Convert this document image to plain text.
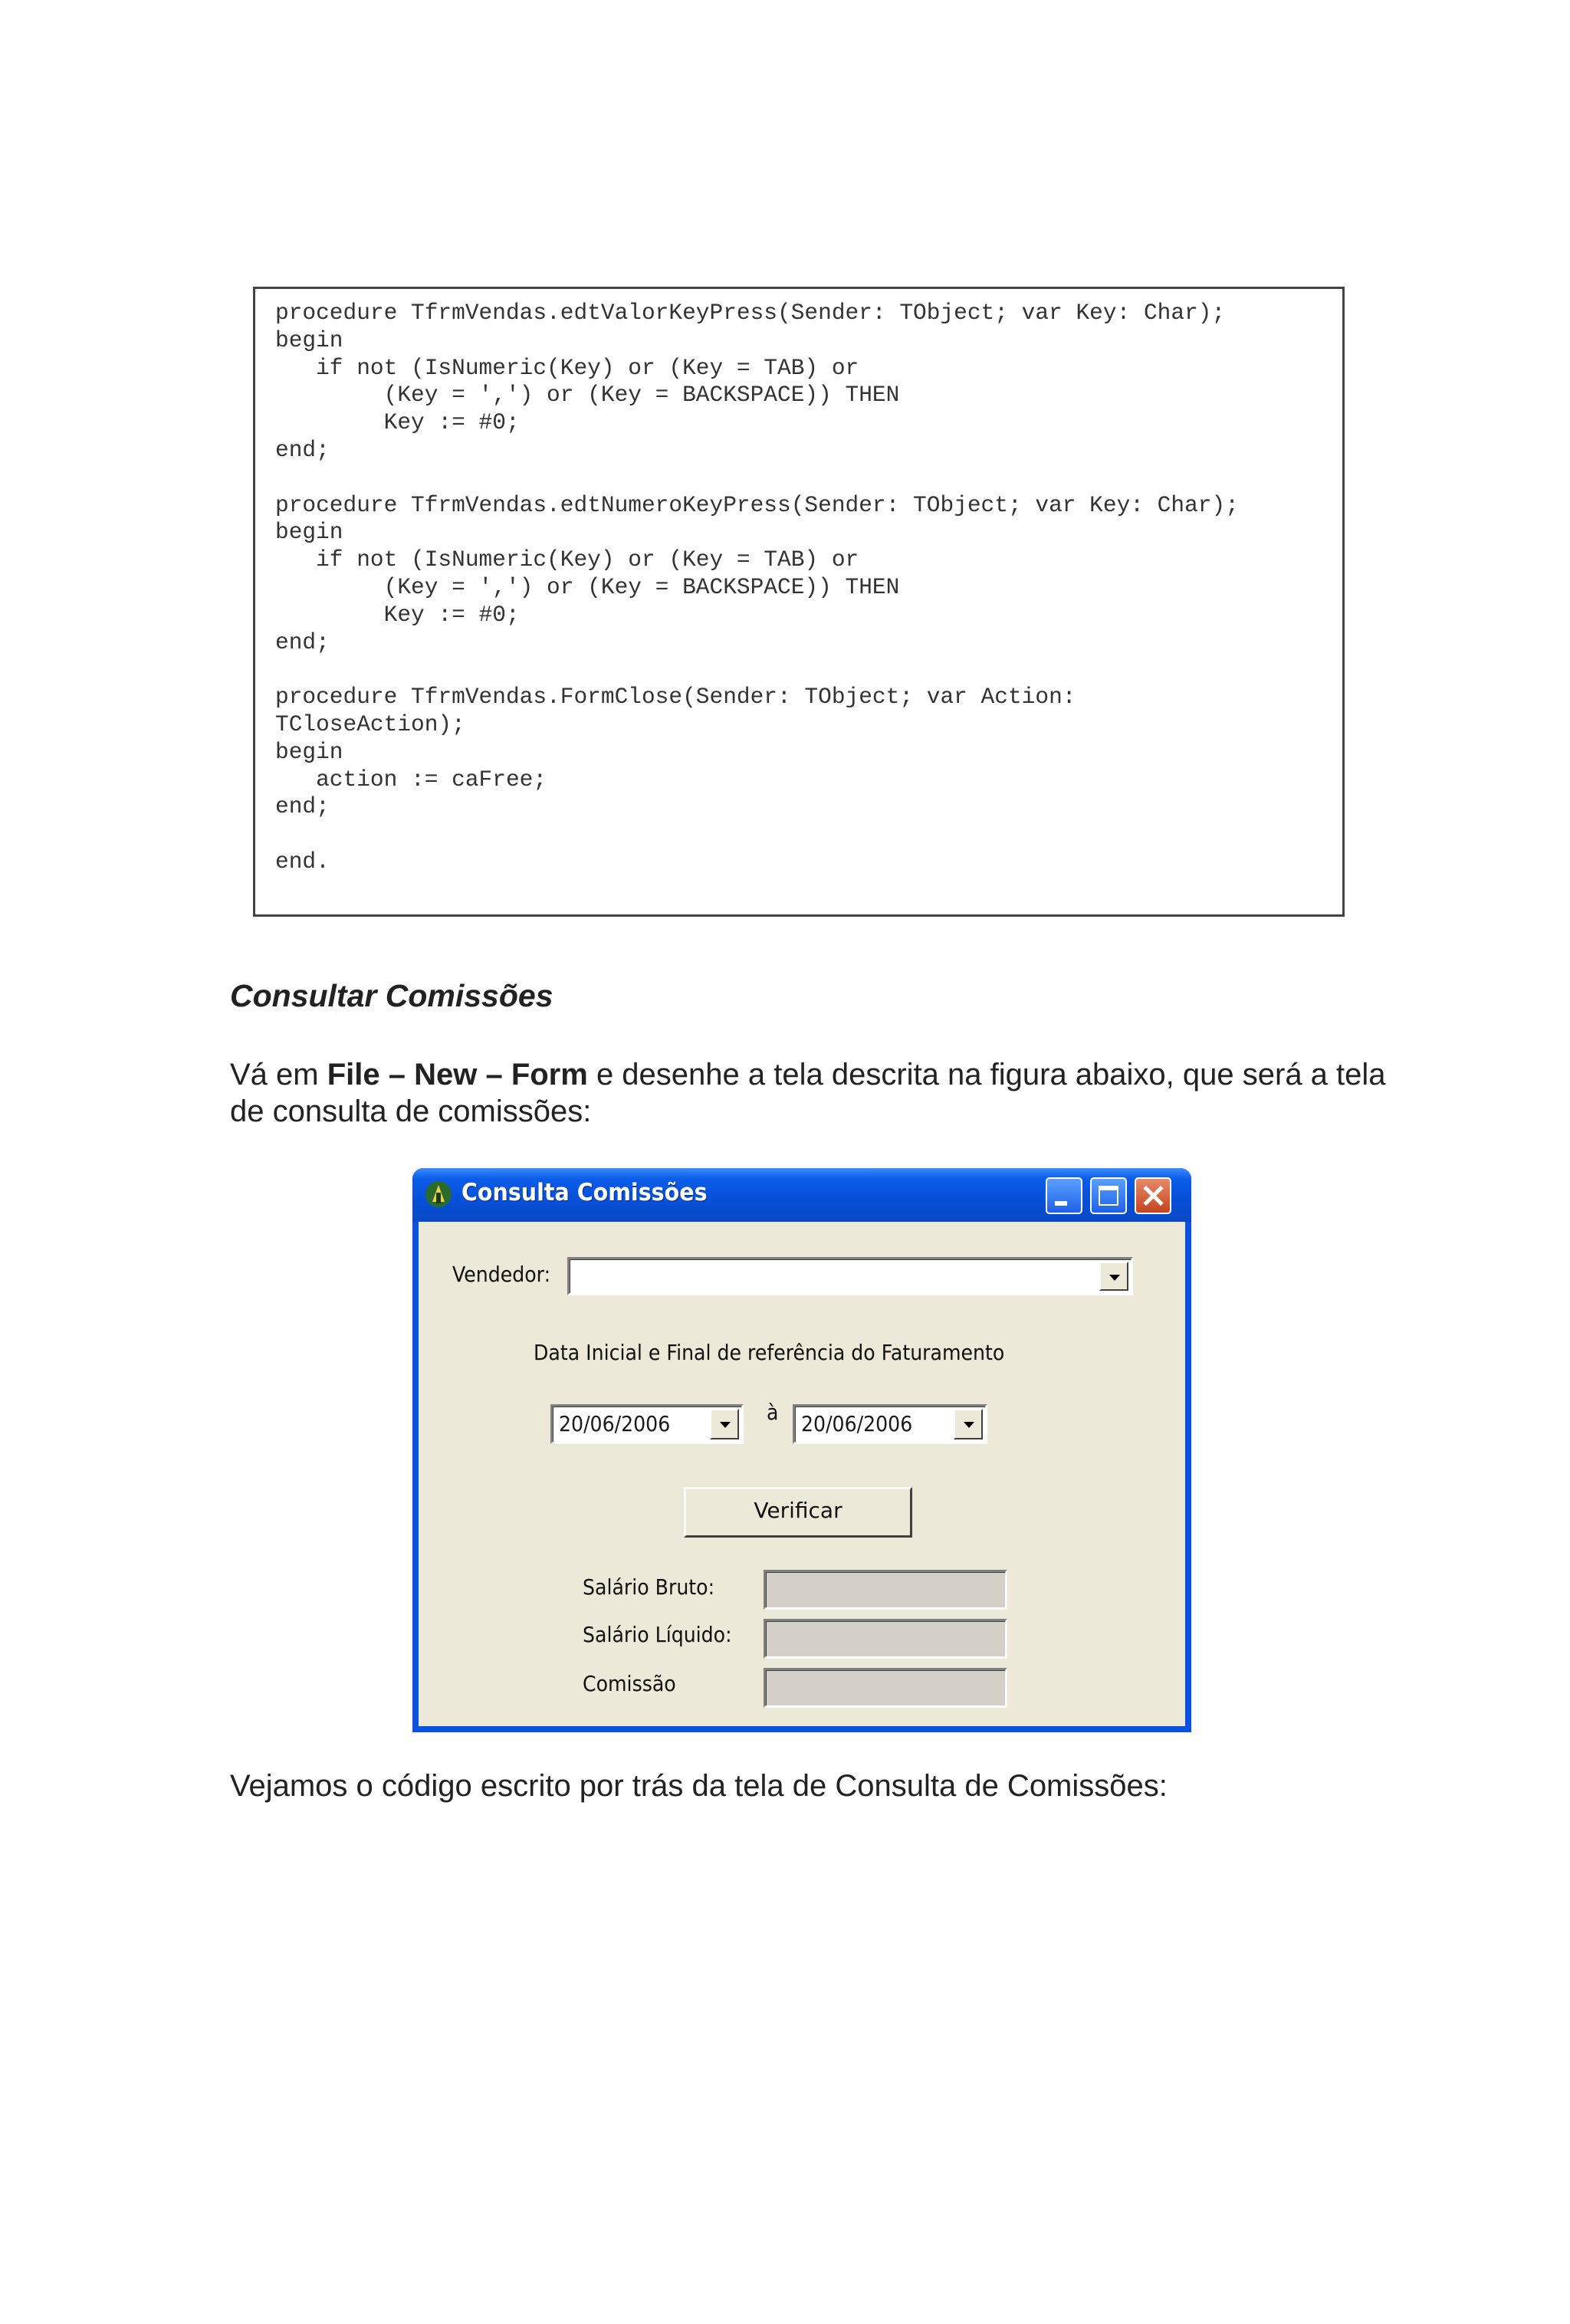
procedure TfrmVendas.edtValorKeyPress(Sender: TObject; var Key: Char);
begin
if not (IsNumeric(Key) or (Key = TAB) or
(Key = ',') or (Key = BACKSPACE)) THEN
Key := #0;
end;

procedure TfrmVendas.edtNumeroKeyPress(Sender: TObject; var Key: Char);
begin
if not (IsNumeric(Key) or (Key = TAB) or
(Key = ',') or (Key = BACKSPACE)) THEN
Key := #0;
end;

procedure TfrmVendas.FormClose(Sender: TObject; var Action:
TCloseAction);
begin
action := caFree;
end;

end.
Consultar Comissões
Vá em File – New – Form e desenhe a tela descrita na figura abaixo, que será a tela de consulta de comissões:
Consulta Comissões
Vendedor:
Data Inicial e Final de referência do Faturamento
20/06/2006	à 20/06/2006
Verificar
Salário Bruto:
Salário Líquido:
Comissão
Vejamos o código escrito por trás da tela de Consulta de Comissões:
